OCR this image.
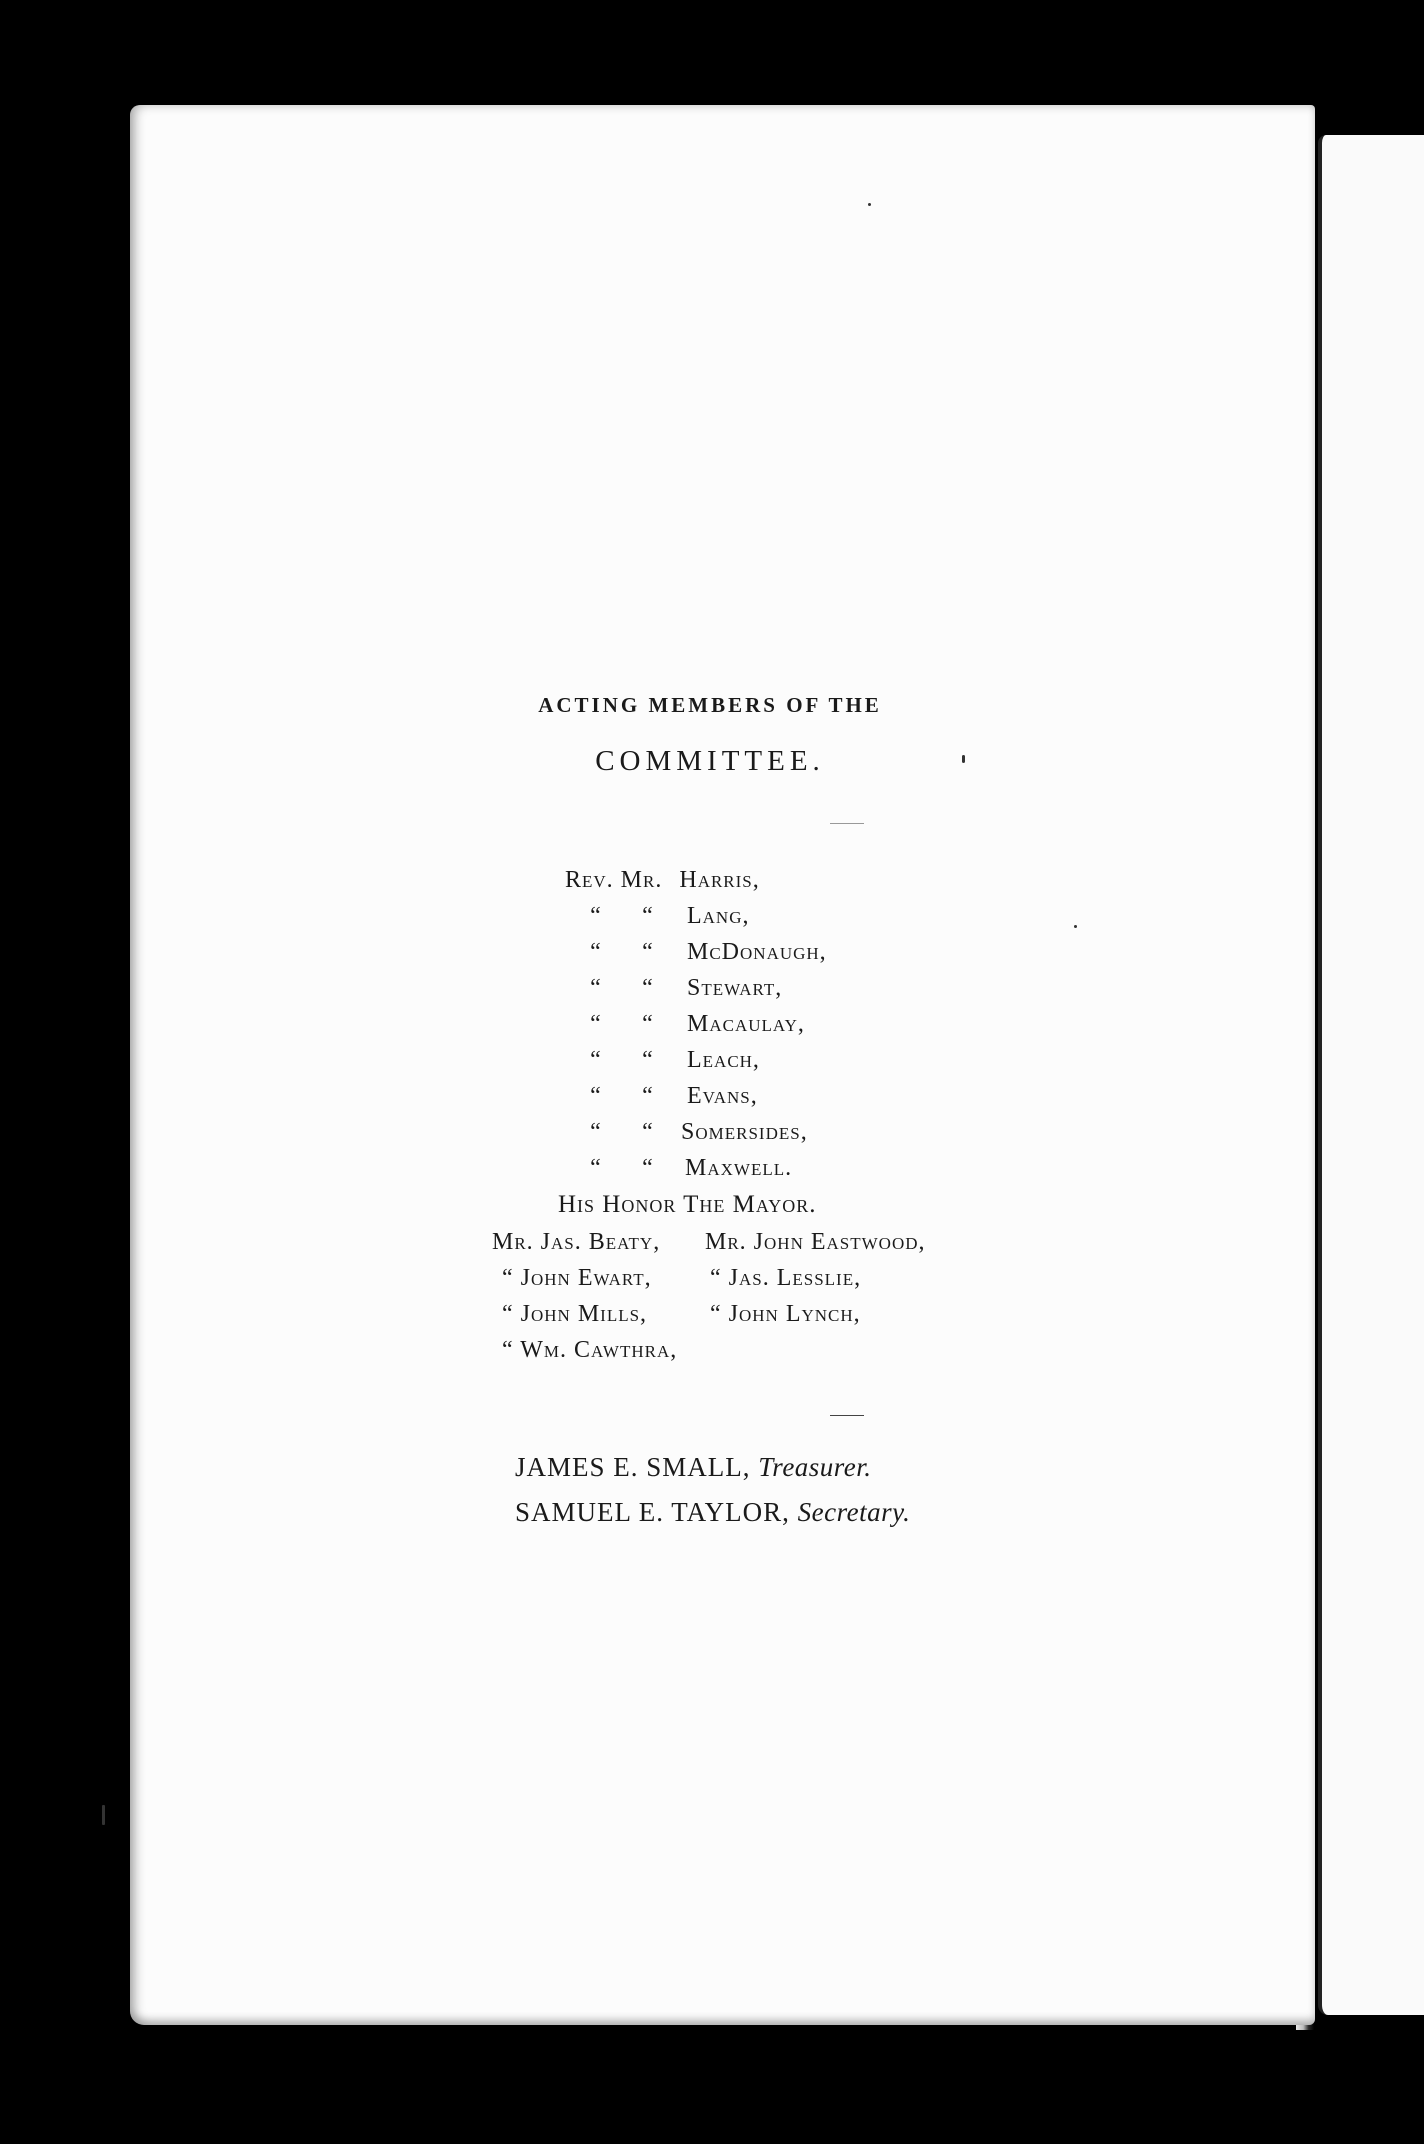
ACTING MEMBERS OF THE
COMMITTEE.
Rev. Mr. Harris,
“ “ Lang,
“ “ McDonaugh,
“ “ Stewart,
“ “ Macaulay,
“ “ Leach,
“ “ Evans,
“ “ Somersides,
“ “ Maxwell.
His Honor The Mayor.
Mr. Jas. Beaty, Mr. John Eastwood,
“ John Ewart, “ Jas. Lesslie,
“ John Mills,	“ John Lynch,
“ Wm. Cawthra,
JAMES E. SMALL, Treasurer.
SAMUEL E. TAYLOR, Secretary.
